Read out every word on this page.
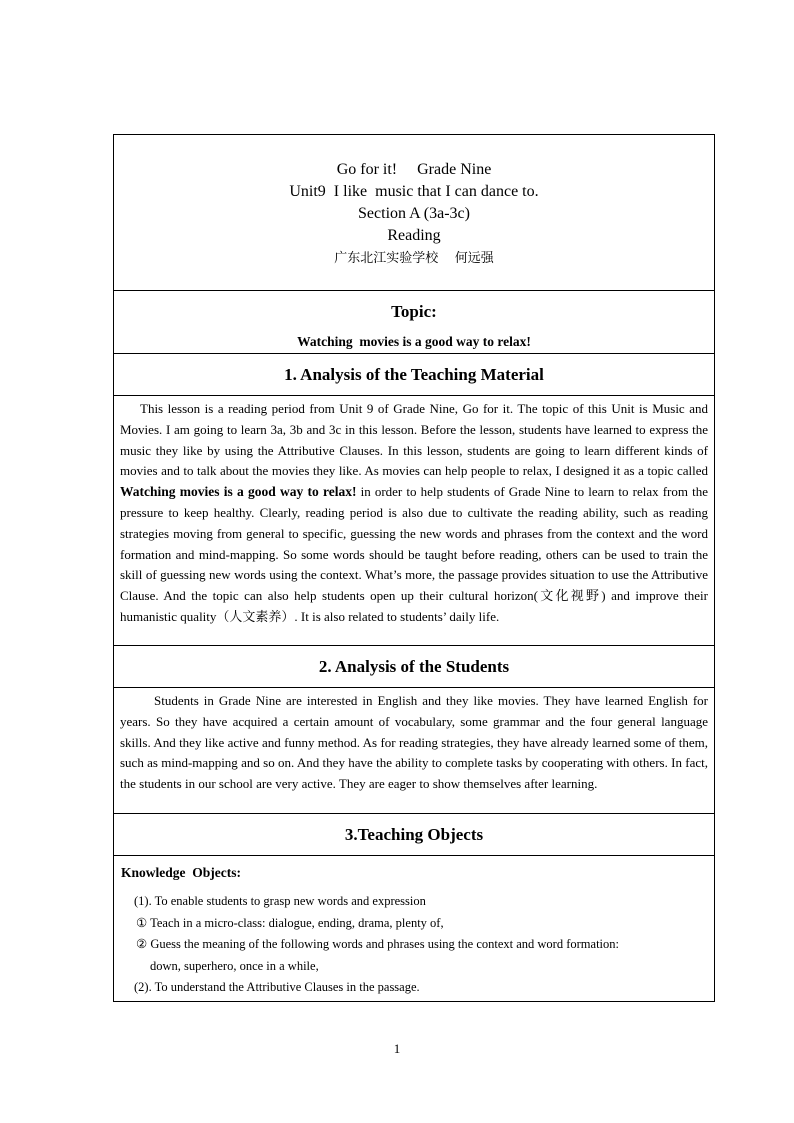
Go for it!     Grade Nine
Unit9  I like  music that I can dance to.
Section A (3a-3c)
Reading
广东北江实验学校    何远强
Topic:
Watching  movies is a good way to relax!
1. Analysis of the Teaching Material

This lesson is a reading period from Unit 9 of Grade Nine, Go for it. The topic of this Unit is Music and Movies. I am going to learn 3a, 3b and 3c in this lesson. Before the lesson, students have learned to express the music they like by using the Attributive Clauses. In this lesson, students are going to learn different kinds of movies and to talk about the movies they like. As movies can help people to relax, I designed it as a topic called Watching movies is a good way to relax! in order to help students of Grade Nine to learn to relax from the pressure to keep healthy. Clearly, reading period is also due to cultivate the reading ability, such as reading strategies moving from general to specific, guessing the new words and phrases from the context and the word formation and mind-mapping. So some words should be taught before reading, others can be used to train the skill of guessing new words using the context. What’s more, the passage provides situation to use the Attributive Clause. And the topic can also help students open up their cultural horizon(文化视野) and improve their humanistic quality（人文素养）. It is also related to students’ daily life.

2. Analysis of the Students

Students in Grade Nine are interested in English and they like movies. They have learned English for years. So they have acquired a certain amount of vocabulary, some grammar and the four general language skills. And they like active and funny method. As for reading strategies, they have already learned some of them, such as mind-mapping and so on. And they have the ability to complete tasks by cooperating with others. In fact, the students in our school are very active. They are eager to show themselves after learning.

3.Teaching Objects
Knowledge  Objects:

(1). To enable students to grasp new words and expression

① Teach in a micro-class: dialogue, ending, drama, plenty of,

② Guess the meaning of the following words and phrases using the context and word formation:

down, superhero, once in a while,

(2). To understand the Attributive Clauses in the passage.

1
